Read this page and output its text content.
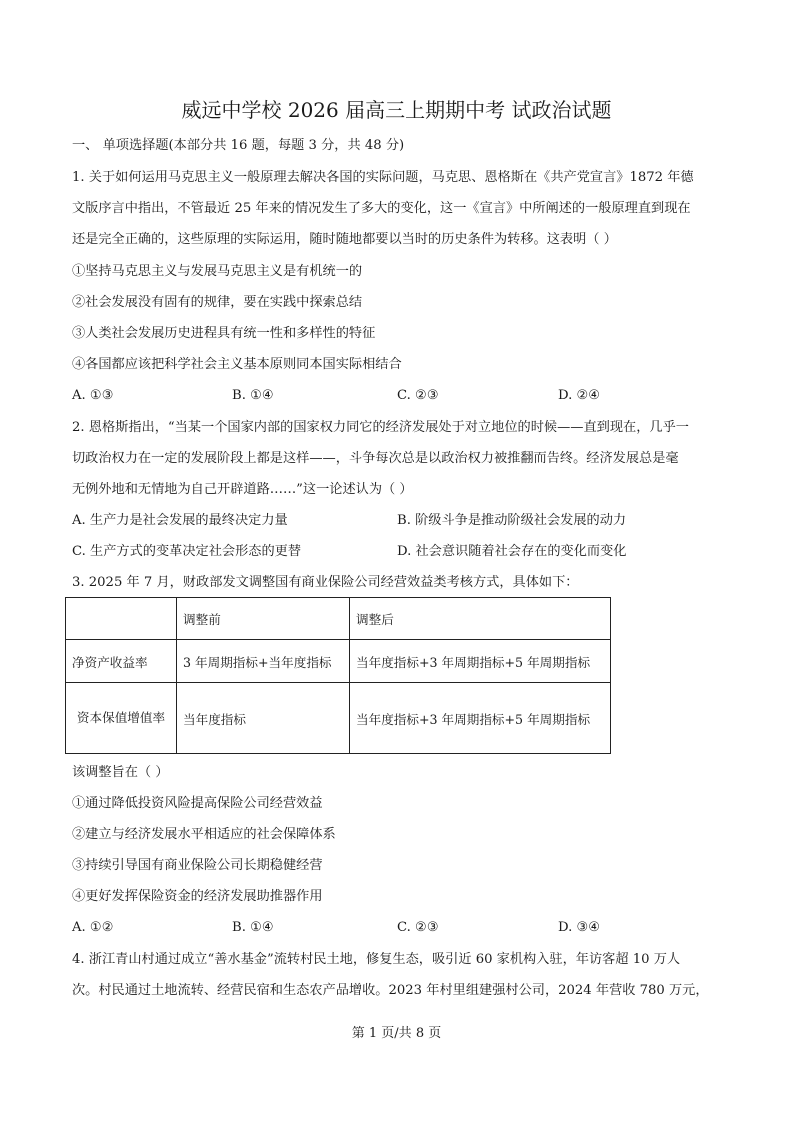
威远中学校 2026 届高三上期期中考 试政治试题
一、 单项选择题(本部分共 16 题，每题 3 分，共 48 分)
1. 关于如何运用马克思主义一般原理去解决各国的实际问题，马克思、恩格斯在《共产党宣言》1872 年德
文版序言中指出，不管最近 25 年来的情况发生了多大的变化，这一《宣言》中所阐述的一般原理直到现在
还是完全正确的，这些原理的实际运用，随时随地都要以当时的历史条件为转移。这表明（ ）
①坚持马克思主义与发展马克思主义是有机统一的
②社会发展没有固有的规律，要在实践中探索总结
③人类社会发展历史进程具有统一性和多样性的特征
④各国都应该把科学社会主义基本原则同本国实际相结合
A. ①③	B. ①④	C. ②③	D. ②④
2. 恩格斯指出，“当某一个国家内部的国家权力同它的经济发展处于对立地位的时候——直到现在，几乎一
切政治权力在一定的发展阶段上都是这样——，斗争每次总是以政治权力被推翻而告终。经济发展总是毫
无例外地和无情地为自己开辟道路……”这一论述认为（ ）
A. 生产力是社会发展的最终决定力量	B. 阶级斗争是推动阶级社会发展的动力
C. 生产方式的变革决定社会形态的更替	D. 社会意识随着社会存在的变化而变化
3. 2025 年 7 月，财政部发文调整国有商业保险公司经营效益类考核方式，具体如下：
	调整前	调整后
净资产收益率	3 年周期指标+当年度指标	当年度指标+3 年周期指标+5 年周期指标
资本保值增值率	当年度指标	当年度指标+3 年周期指标+5 年周期指标
该调整旨在（ ）
①通过降低投资风险提高保险公司经营效益
②建立与经济发展水平相适应的社会保障体系
③持续引导国有商业保险公司长期稳健经营
④更好发挥保险资金的经济发展助推器作用
A. ①②	B. ①④	C. ②③	D. ③④
4. 浙江青山村通过成立“善水基金”流转村民土地，修复生态，吸引近 60 家机构入驻，年访客超 10 万人
次。村民通过土地流转、经营民宿和生态农产品增收。2023 年村里组建强村公司，2024 年营收 780 万元，
第 1 页/共 8 页
